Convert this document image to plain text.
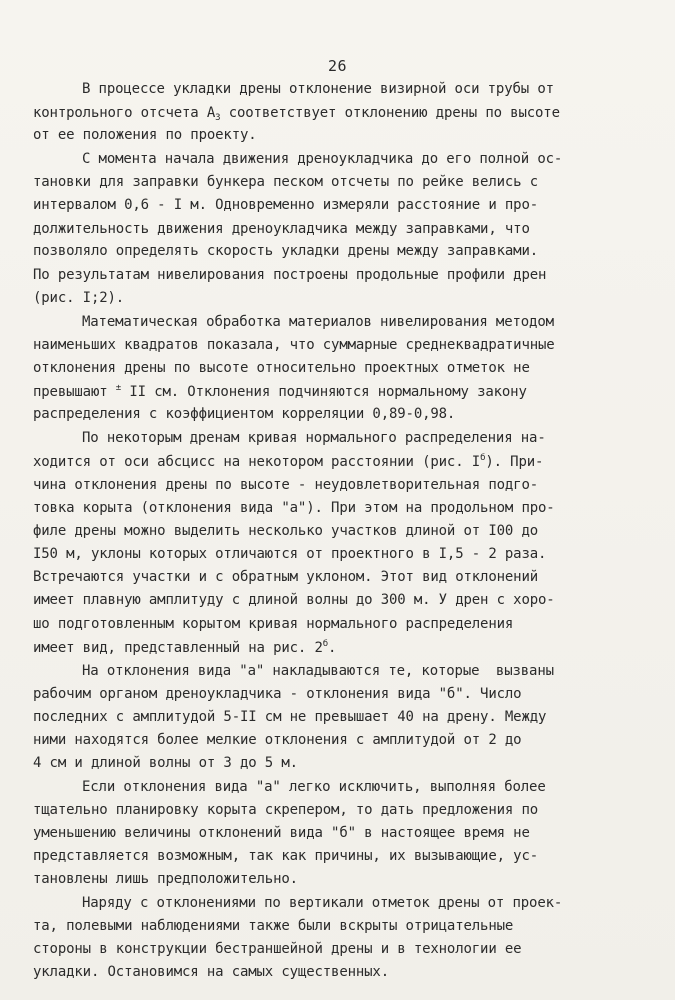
26
В процессе укладки дрены отклонение визирной оси трубы от
контрольного отсчета $А_3$ соответствует отклонению дрены по высоте
от ее положения по проекту.
С момента начала движения дреноукладчика до его полной ос-
тановки для заправки бункера песком отсчеты по рейке велись с
интервалом 0,6 - I м. Одновременно измеряли расстояние и про-
должительность движения дреноукладчика между заправками, что
позволяло определять скорость укладки дрены между заправками.
По результатам нивелирования построены продольные профили дрен
(рис. I;2).
Математическая обработка материалов нивелирования методом
наименьших квадратов показала, что суммарные среднеквадратичные
отклонения дрены по высоте относительно проектных отметок не
превышают ± II см. Отклонения подчиняются нормальному закону
распределения с коэффициентом корреляции 0,89-0,98.
По некоторым дренам кривая нормального распределения на-
ходится от оси абсцисс на некотором расстоянии (рис. $I^б$). При-
чина отклонения дрены по высоте - неудовлетворительная подго-
товка корыта (отклонения вида "а"). При этом на продольном про-
филе дрены можно выделить несколько участков длиной от I00 до
I50 м, уклоны которых отличаются от проектного в I,5 - 2 раза.
Встречаются участки и с обратным уклоном. Этот вид отклонений
имеет плавную амплитуду с длиной волны до 300 м. У дрен с хоро-
шо подготовленным корытом кривая нормального распределения
имеет вид, представленный на рис. $2^б$.
На отклонения вида "а" накладываются те, которые  вызваны
рабочим органом дреноукладчика - отклонения вида "б". Число
последних с амплитудой 5-II см не превышает 40 на дрену. Между
ними находятся более мелкие отклонения с амплитудой от 2 до
4 см и длиной волны от 3 до 5 м.
Если отклонения вида "а" легко исключить, выполняя более
тщательно планировку корыта скрепером, то дать предложения по
уменьшению величины отклонений вида "б" в настоящее время не
представляется возможным, так как причины, их вызывающие, ус-
тановлены лишь предположительно.
Наряду с отклонениями по вертикали отметок дрены от проек-
та, полевыми наблюдениями также были вскрыты отрицательные
стороны в конструкции бестраншейной дрены и в технологии ее
укладки. Остановимся на самых существенных.
